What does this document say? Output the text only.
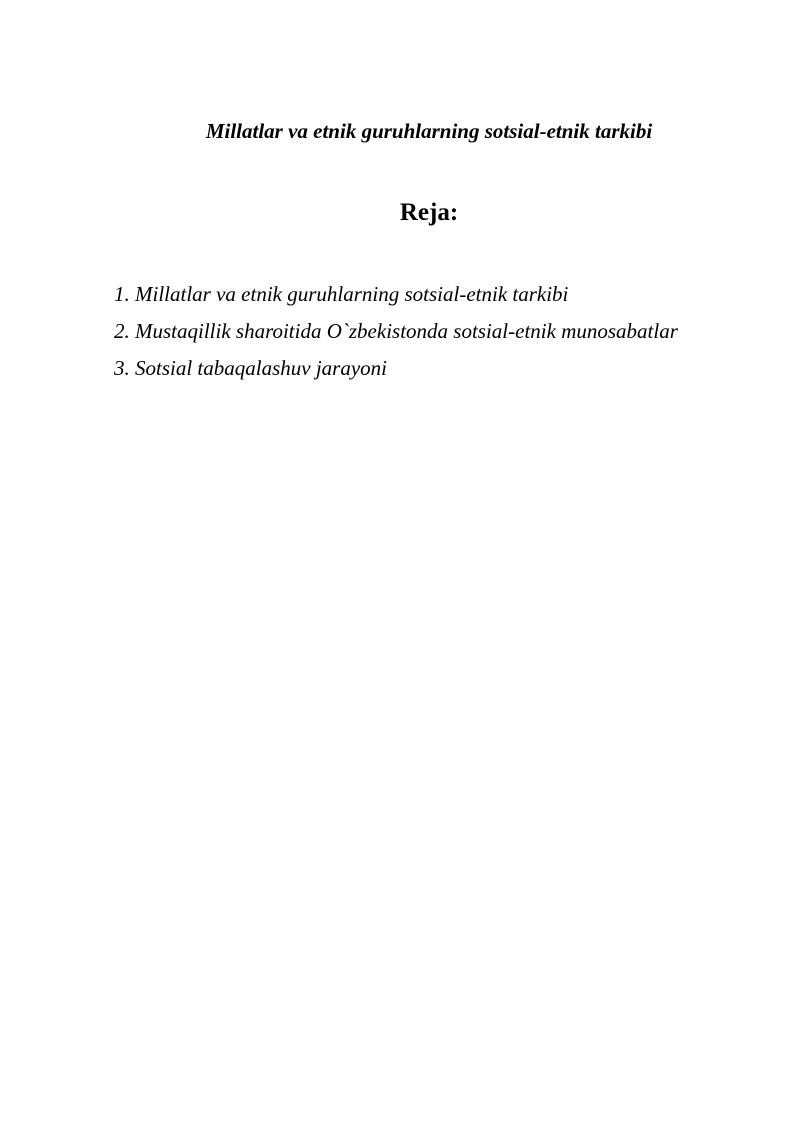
Millatlar va etnik guruhlarning sotsial-etnik tarkibi
Reja:
1. Millatlar va etnik guruhlarning sotsial-etnik tarkibi
2. Mustaqillik sharoitida O`zbekistonda sotsial-etnik munosabatlar
3. Sotsial tabaqalashuv jarayoni
